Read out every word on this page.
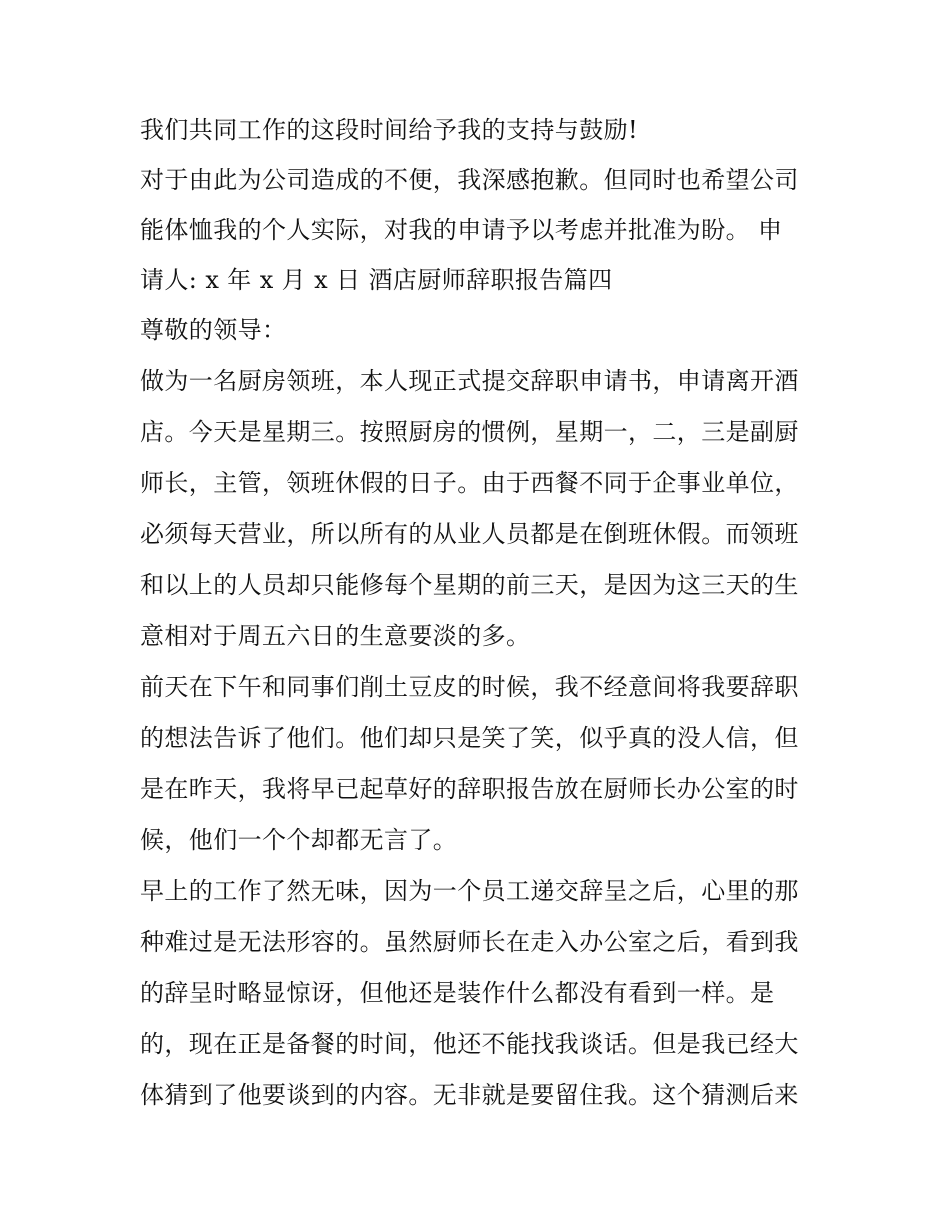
我们共同工作的这段时间给予我的支持与鼓励!
对于由此为公司造成的不便，我深感抱歉。但同时也希望公司
能体恤我的个人实际，对我的申请予以考虑并批准为盼。 申
请人: x 年 x 月 x 日 酒店厨师辞职报告篇四
尊敬的领导：
做为一名厨房领班，本人现正式提交辞职申请书，申请离开酒
店。今天是星期三。按照厨房的惯例，星期一，二，三是副厨
师长，主管，领班休假的日子。由于西餐不同于企事业单位，
必须每天营业，所以所有的从业人员都是在倒班休假。而领班
和以上的人员却只能修每个星期的前三天，是因为这三天的生
意相对于周五六日的生意要淡的多。
前天在下午和同事们削土豆皮的时候，我不经意间将我要辞职
的想法告诉了他们。他们却只是笑了笑，似乎真的没人信，但
是在昨天，我将早已起草好的辞职报告放在厨师长办公室的时
候，他们一个个却都无言了。
早上的工作了然无味，因为一个员工递交辞呈之后，心里的那
种难过是无法形容的。虽然厨师长在走入办公室之后，看到我
的辞呈时略显惊讶，但他还是装作什么都没有看到一样。是
的，现在正是备餐的时间，他还不能找我谈话。但是我已经大
体猜到了他要谈到的内容。无非就是要留住我。这个猜测后来
